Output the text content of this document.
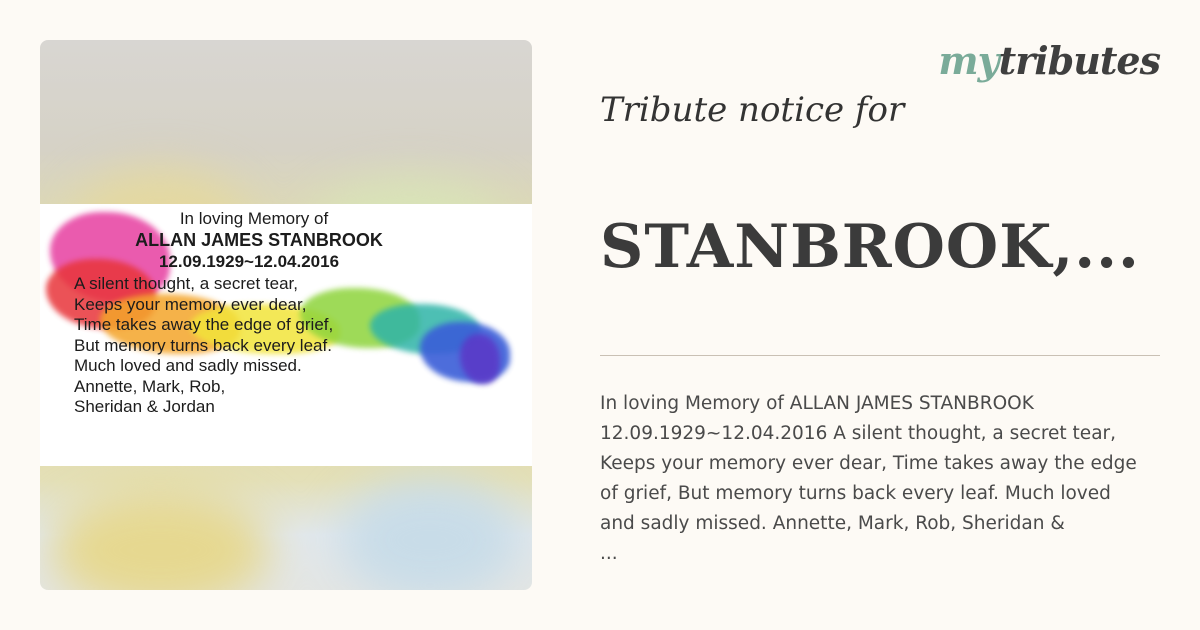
In loving Memory of
ALLAN JAMES STANBROOK
12.09.1929~12.04.2016
A silent thought, a secret tear,
Keeps your memory ever dear,
Time takes away the edge of grief,
But memory turns back every leaf.
Much loved and sadly missed.
Annette, Mark, Rob,
Sheridan & Jordan
mytributes
Tribute notice for
STANBROOK,...
In loving Memory of ALLAN JAMES STANBROOK
12.09.1929~12.04.2016 A silent thought, a secret tear,
Keeps your memory ever dear, Time takes away the edge
of grief, But memory turns back every leaf. Much loved
and sadly missed. Annette, Mark, Rob, Sheridan &
...
